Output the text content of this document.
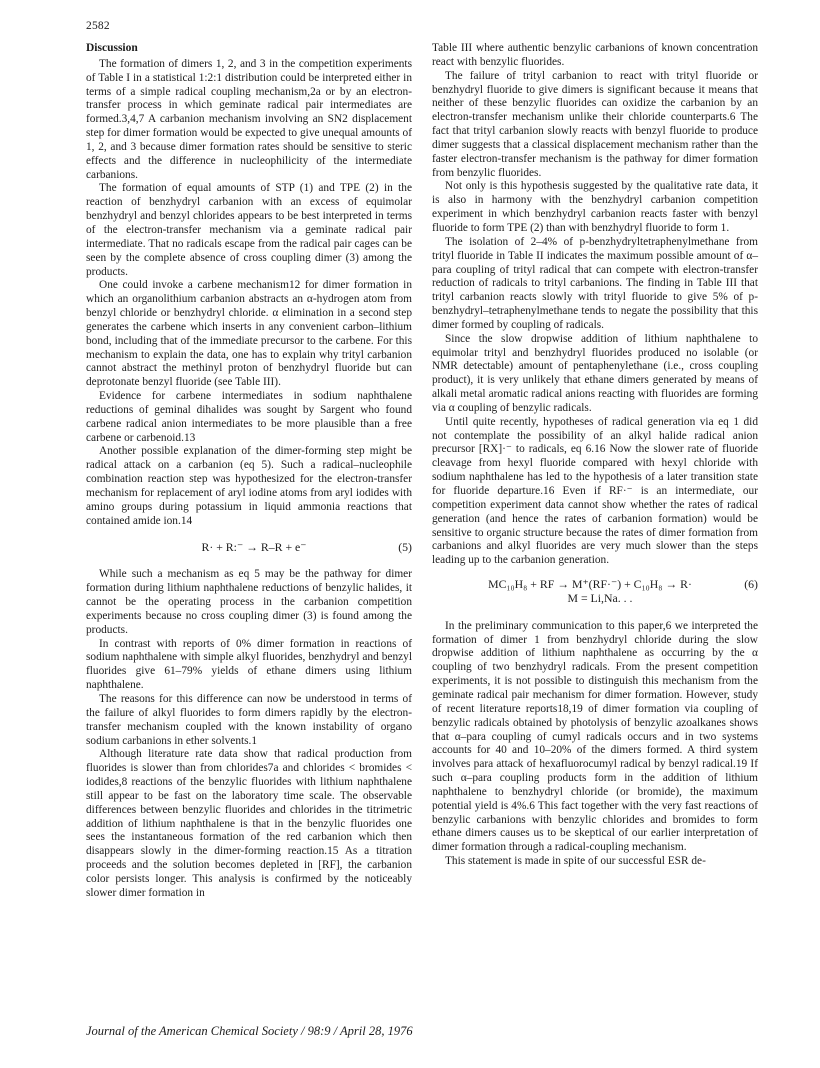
2582
Discussion

The formation of dimers 1, 2, and 3 in the competition experiments of Table I in a statistical 1:2:1 distribution could be interpreted either in terms of a simple radical coupling mechanism,2a or by an electron-transfer process in which geminate radical pair intermediates are formed.3,4,7 A carbanion mechanism involving an SN2 displacement step for dimer formation would be expected to give unequal amounts of 1, 2, and 3 because dimer formation rates should be sensitive to steric effects and the difference in nucleophilicity of the intermediate carbanions.

The formation of equal amounts of STP (1) and TPE (2) in the reaction of benzhydryl carbanion with an excess of equimolar benzhydryl and benzyl chlorides appears to be best interpreted in terms of the electron-transfer mechanism via a geminate radical pair intermediate. That no radicals escape from the radical pair cages can be seen by the complete absence of cross coupling dimer (3) among the products.

One could invoke a carbene mechanism12 for dimer formation in which an organolithium carbanion abstracts an α-hydrogen atom from benzyl chloride or benzhydryl chloride. α elimination in a second step generates the carbene which inserts in any convenient carbon–lithium bond, including that of the immediate precursor to the carbene. For this mechanism to explain the data, one has to explain why trityl carbanion cannot abstract the methinyl proton of benzhydryl fluoride but can deprotonate benzyl fluoride (see Table III).

Evidence for carbene intermediates in sodium naphthalene reductions of geminal dihalides was sought by Sargent who found carbene radical anion intermediates to be more plausible than a free carbene or carbenoid.13

Another possible explanation of the dimer-forming step might be radical attack on a carbanion (eq 5). Such a radical–nucleophile combination reaction step was hypothesized for the electron-transfer mechanism for replacement of aryl iodine atoms from aryl iodides with amino groups during potassium in liquid ammonia reactions that contained amide ion.14

R· + R:⁻ → R–R + e⁻	(5)

While such a mechanism as eq 5 may be the pathway for dimer formation during lithium naphthalene reductions of benzylic halides, it cannot be the operating process in the carbanion competition experiments because no cross coupling dimer (3) is found among the products.

In contrast with reports of 0% dimer formation in reactions of sodium naphthalene with simple alkyl fluorides, benzhydryl and benzyl fluorides give 61–79% yields of ethane dimers using lithium naphthalene.

The reasons for this difference can now be understood in terms of the failure of alkyl fluorides to form dimers rapidly by the electron-transfer mechanism coupled with the known instability of organo sodium carbanions in ether solvents.1

Although literature rate data show that radical production from fluorides is slower than from chlorides7a and chlorides < bromides < iodides,8 reactions of the benzylic fluorides with lithium naphthalene still appear to be fast on the laboratory time scale. The observable differences between benzylic fluorides and chlorides in the titrimetric addition of lithium naphthalene is that in the benzylic fluorides one sees the instantaneous formation of the red carbanion which then disappears slowly in the dimer-forming reaction.15 As a titration proceeds and the solution becomes depleted in [RF], the carbanion color persists longer. This analysis is confirmed by the noticeably slower dimer formation in

Table III where authentic benzylic carbanions of known concentration react with benzylic fluorides.

The failure of trityl carbanion to react with trityl fluoride or benzhydryl fluoride to give dimers is significant because it means that neither of these benzylic fluorides can oxidize the carbanion by an electron-transfer mechanism unlike their chloride counterparts.6 The fact that trityl carbanion slowly reacts with benzyl fluoride to produce dimer suggests that a classical displacement mechanism rather than the faster electron-transfer mechanism is the pathway for dimer formation from benzylic fluorides.

Not only is this hypothesis suggested by the qualitative rate data, it is also in harmony with the benzhydryl carbanion competition experiment in which benzhydryl carbanion reacts faster with benzyl fluoride to form TPE (2) than with benzhydryl fluoride to form 1.

The isolation of 2–4% of p-benzhydryltetraphenylmethane from trityl fluoride in Table II indicates the maximum possible amount of α–para coupling of trityl radical that can compete with electron-transfer reduction of radicals to trityl carbanions. The finding in Table III that trityl carbanion reacts slowly with trityl fluoride to give 5% of p-benzhydryl–tetraphenylmethane tends to negate the possibility that this dimer formed by coupling of radicals.

Since the slow dropwise addition of lithium naphthalene to equimolar trityl and benzhydryl fluorides produced no isolable (or NMR detectable) amount of pentaphenylethane (i.e., cross coupling product), it is very unlikely that ethane dimers generated by means of alkali metal aromatic radical anions reacting with fluorides are forming via α coupling of benzylic radicals.

Until quite recently, hypotheses of radical generation via eq 1 did not contemplate the possibility of an alkyl halide radical anion precursor [RX]·⁻ to radicals, eq 6.16 Now the slower rate of fluoride cleavage from hexyl fluoride compared with hexyl chloride with sodium naphthalene has led to the hypothesis of a later transition state for fluoride departure.16 Even if RF·⁻ is an intermediate, our competition experiment data cannot show whether the rates of radical generation (and hence the rates of carbanion formation) would be sensitive to organic structure because the rates of dimer formation from carbanions and alkyl fluorides are very much slower than the steps leading up to the carbanion generation.

MC₁₀H₈ + RF → M⁺(RF·⁻) + C₁₀H₈ → R·	(6)
M = Li,Na. . .

In the preliminary communication to this paper,6 we interpreted the formation of dimer 1 from benzhydryl chloride during the slow dropwise addition of lithium naphthalene as occurring by the α coupling of two benzhydryl radicals. From the present competition experiments, it is not possible to distinguish this mechanism from the geminate radical pair mechanism for dimer formation. However, study of recent literature reports18,19 of dimer formation via coupling of benzylic radicals obtained by photolysis of benzylic azoalkanes shows that α–para coupling of cumyl radicals occurs and in two systems accounts for 40 and 10–20% of the dimers formed. A third system involves para attack of hexafluorocumyl radical by benzyl radical.19 If such α–para coupling products form in the addition of lithium naphthalene to benzhydryl chloride (or bromide), the maximum potential yield is 4%.6 This fact together with the very fast reactions of benzylic carbanions with benzylic chlorides and bromides to form ethane dimers causes us to be skeptical of our earlier interpretation of dimer formation through a radical-coupling mechanism.

This statement is made in spite of our successful ESR de-

Journal of the American Chemical Society / 98:9 / April 28, 1976
